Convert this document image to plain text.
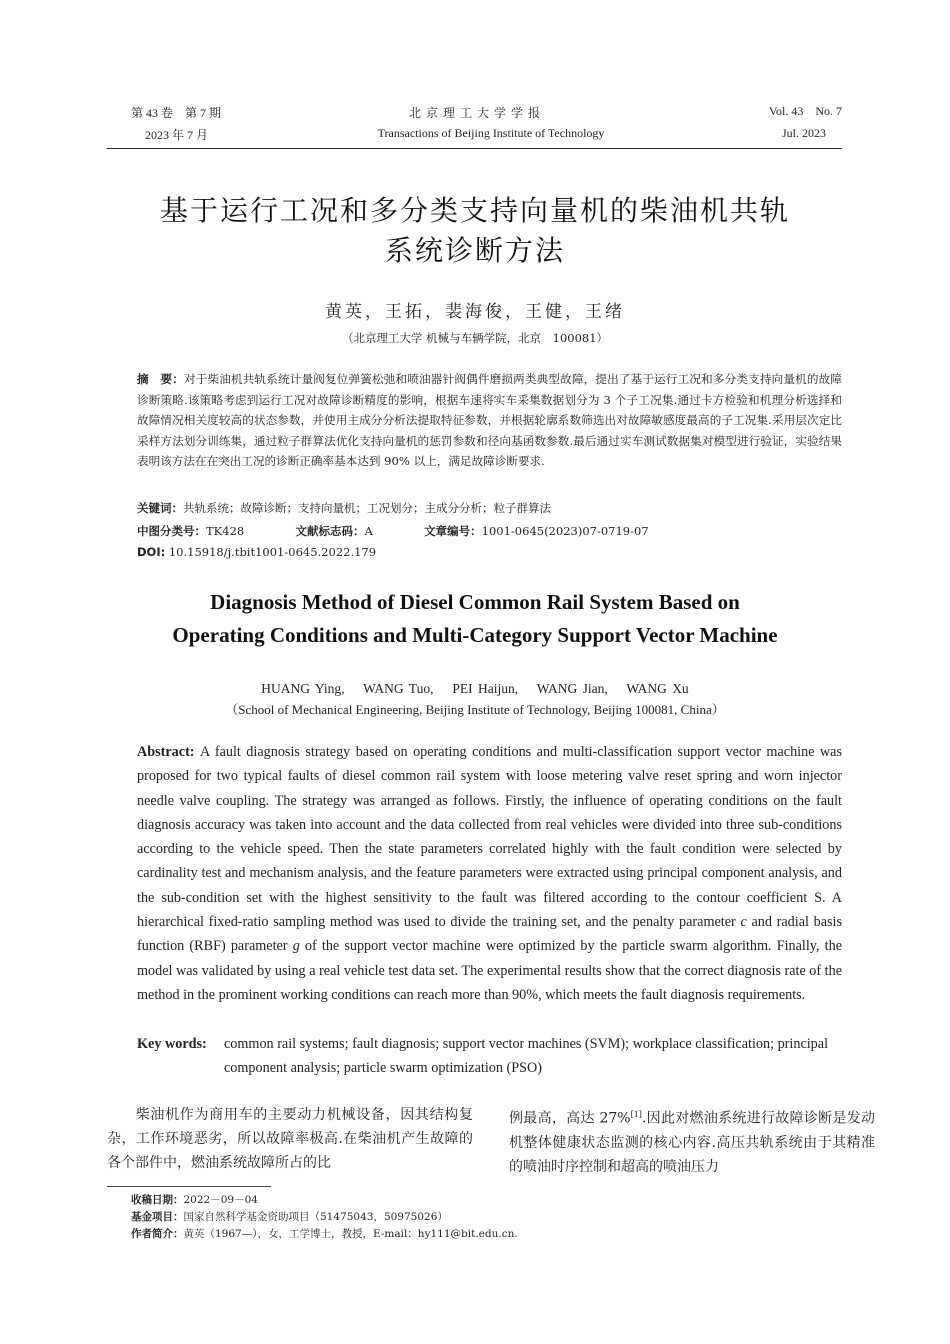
第 43 卷　第 7 期
2023 年 7 月
北 京 理 工 大 学 学 报
Transactions of Beijing Institute of Technology
Vol. 43　No. 7
Jul. 2023
基于运行工况和多分类支持向量机的柴油机共轨
系统诊断方法
黄英，王拓，裴海俊，王健，王绪
（北京理工大学 机械与车辆学院，北京　100081）
摘　要：对于柴油机共轨系统计量阀复位弹簧松弛和喷油器针阀偶件磨损两类典型故障，提出了基于运行工况和多分类支持向量机的故障诊断策略.该策略考虑到运行工况对故障诊断精度的影响，根据车速将实车采集数据划分为 3 个子工况集.通过卡方检验和机理分析选择和故障情况相关度较高的状态参数，并使用主成分分析法提取特征参数，并根据轮廓系数筛选出对故障敏感度最高的子工况集.采用层次定比采样方法划分训练集，通过粒子群算法优化支持向量机的惩罚参数和径向基函数参数.最后通过实车测试数据集对模型进行验证，实验结果表明该方法在在突出工况的诊断正确率基本达到 90% 以上，满足故障诊断要求.
关键词：共轨系统；故障诊断；支持向量机；工况划分；主成分分析；粒子群算法
中图分类号：TK428	文献标志码：A	文章编号：1001-0645(2023)07-0719-07
DOI: 10.15918/j.tbit1001-0645.2022.179
Diagnosis Method of Diesel Common Rail System Based on
Operating Conditions and Multi-Category Support Vector Machine
HUANG Ying,　 WANG Tuo,　 PEI Haijun,　 WANG Jian,　 WANG Xu
（School of Mechanical Engineering, Beijing Institute of Technology, Beijing 100081, China）
Abstract: A fault diagnosis strategy based on operating conditions and multi-classification support vector machine was proposed for two typical faults of diesel common rail system with loose metering valve reset spring and worn injector needle valve coupling. The strategy was arranged as follows. Firstly, the influence of operating conditions on the fault diagnosis accuracy was taken into account and the data collected from real vehicles were divided into three sub-conditions according to the vehicle speed. Then the state parameters correlated highly with the fault condition were selected by cardinality test and mechanism analysis, and the feature parameters were extracted using principal component analysis, and the sub-condition set with the highest sensitivity to the fault was filtered according to the contour coefficient S. A hierarchical fixed-ratio sampling method was used to divide the training set, and the penalty parameter c and radial basis function (RBF) parameter g of the support vector machine were optimized by the particle swarm algorithm. Finally, the model was validated by using a real vehicle test data set. The experimental results show that the correct diagnosis rate of the method in the prominent working conditions can reach more than 90%, which meets the fault diagnosis requirements.
Key words: common rail systems; fault diagnosis; support vector machines (SVM); workplace classification; principal component analysis; particle swarm optimization (PSO)
柴油机作为商用车的主要动力机械设备，因其结构复杂，工作环境恶劣，所以故障率极高.在柴油机产生故障的各个部件中，燃油系统故障所占的比
例最高，高达 27%[1].因此对燃油系统进行故障诊断是发动机整体健康状态监测的核心内容.高压共轨系统由于其精准的喷油时序控制和超高的喷油压力
收稿日期：2022－09－04
基金项目：国家自然科学基金资助项目（51475043，50975026）
作者简介：黄英（1967—），女，工学博士，教授，E-mail：hy111@bit.edu.cn.
